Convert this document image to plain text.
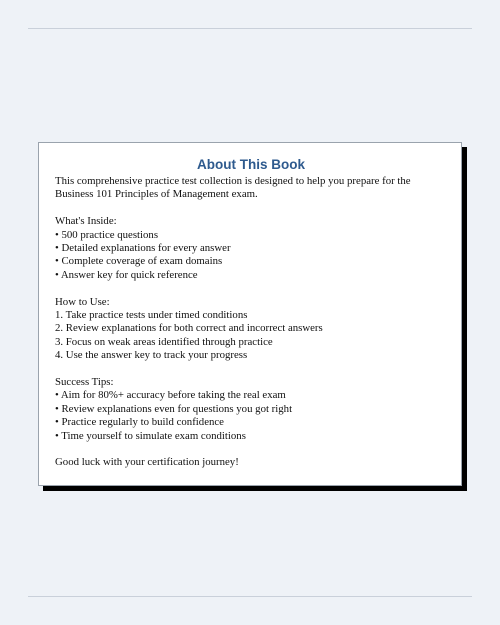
About This Book

This comprehensive practice test collection is designed to help you prepare for the Business 101 Principles of Management exam.

What's Inside:

• 500 practice questions

• Detailed explanations for every answer

• Complete coverage of exam domains

• Answer key for quick reference

How to Use:

1. Take practice tests under timed conditions

2. Review explanations for both correct and incorrect answers

3. Focus on weak areas identified through practice

4. Use the answer key to track your progress

Success Tips:

• Aim for 80%+ accuracy before taking the real exam

• Review explanations even for questions you got right

• Practice regularly to build confidence

• Time yourself to simulate exam conditions

Good luck with your certification journey!
